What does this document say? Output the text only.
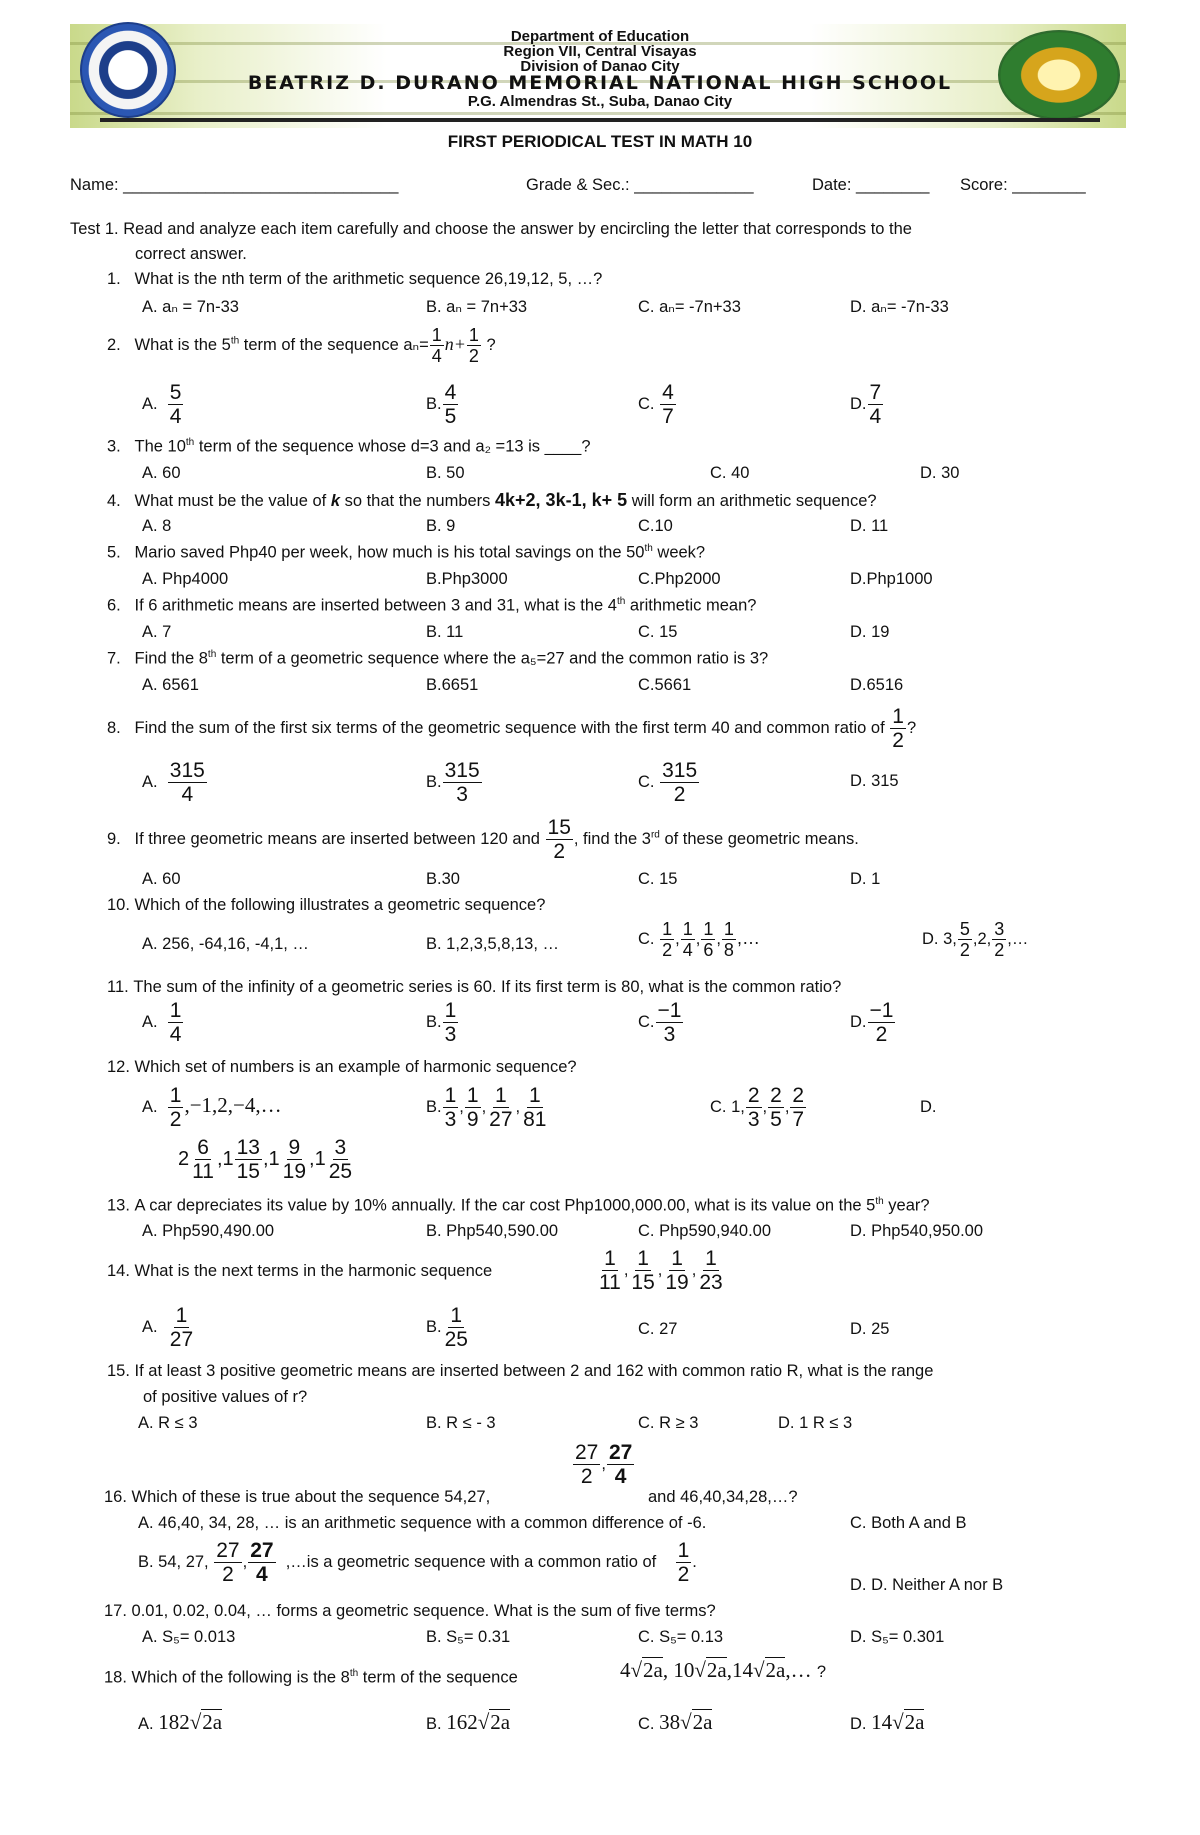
Department of Education
Region VII, Central Visayas
Division of Danao City
BEATRIZ D. DURANO MEMORIAL NATIONAL HIGH SCHOOL
P.G. Almendras St., Suba, Danao City
FIRST PERIODICAL TEST IN MATH 10
Name: ______________________________	Grade & Sec.: _____________	Date: ________ Score: ________
Test 1. Read and analyze each item carefully and choose the answer by encircling the letter that corresponds to the
correct answer.
1. What is the nth term of the arithmetic sequence 26,19,12, 5, …?
A. aₙ = 7n-33	B. aₙ = 7n+33	C. aₙ= -7n+33	D. aₙ= -7n-33
2. What is the 5th term of the sequence $a_n= \frac{1}{4} n+ \frac{1}{2}$ ?
A. $\frac{5}{4}$	B. $\frac{4}{5}$	C. $\frac{4}{7}$	D. $\frac{7}{4}$
3. The 10th term of the sequence whose d=3 and a₂ =13 is ____?
A. 60	B. 50	C. 40	D. 30
4. What must be the value of k so that the numbers 4k+2, 3k-1, k+ 5 will form an arithmetic sequence?
A. 8	B. 9	C.10	D. 11
5. Mario saved Php40 per week, how much is his total savings on the 50th week?
A. Php4000	B.Php3000	C.Php2000	D.Php1000
6. If 6 arithmetic means are inserted between 3 and 31, what is the 4th arithmetic mean?
A. 7	B. 11	C. 15	D. 19
7. Find the 8th term of a geometric sequence where the a₅=27 and the common ratio is 3?
A. 6561	B.6651	C.5661	D.6516
8. Find the sum of the first six terms of the geometric sequence with the first term 40 and common ratio of $\frac{1}{2}$ ?
A. $\frac{315}{4}$	B. $\frac{315}{3}$	C. $\frac{315}{2}$	D. 315
9. If three geometric means are inserted between 120 and $\frac{15}{2}$ , find the 3rd of these geometric means.
A. 60	B.30	C. 15	D. 1
10. Which of the following illustrates a geometric sequence?
A. 256, -64,16, -4,1, …	B. 1,2,3,5,8,13, …	C. $\frac{1}{2}$ , $\frac{1}{4}$ , $\frac{1}{6}$ , $\frac{1}{8}$ ,…	D. 3, $\frac{5}{2} ,2$, $\frac{3}{2}$ ,…
11. The sum of the infinity of a geometric series is 60. If its first term is 80, what is the common ratio?
A. $\frac{1}{4}$	B. $\frac{1}{3}$	C. $\frac{-1}{3}$	D. $\frac{-1}{2}$
12. Which set of numbers is an example of harmonic sequence?
A. $\frac{1}{2}$ ,−1,2,−4,…	B. $\frac{1}{3}$ , $\frac{1}{9}$ , $\frac{1}{27}$ , $\frac{1}{81}$	C. 1, $\frac{2}{3}$ , $\frac{2}{5}$ , $\frac{2}{7}$	D.
$2 \frac{6}{11} ,1 \frac{13}{15} ,1 \frac{9}{19} ,1 \frac{3}{25}$
13. A car depreciates its value by 10% annually. If the car cost Php1000,000.00, what is its value on the 5th year?
A. Php590,490.00	B. Php540,590.00	C. Php590,940.00	D. Php540,950.00
14. What is the next terms in the harmonic sequence	$\frac{1}{11}$ , $\frac{1}{15}$ , $\frac{1}{19}$ , $\frac{1}{23}$
A. $\frac{1}{27}$	B. $\frac{1}{25}$	C. 27	D. 25
15. If at least 3 positive geometric means are inserted between 2 and 162 with common ratio R, what is the range
of positive values of r?
A. R ≤ 3	B. R ≤ - 3	C. R ≥ 3	D. 1 R ≤ 3
$\frac{27}{2}$ , $\frac{27}{4}$
16. Which of these is true about the sequence 54,27,	and 46,40,34,28,…?
A. 46,40, 34, 28, … is an arithmetic sequence with a common difference of -6.	C. Both A and B
B. 54, 27, $\frac{27}{2}$ , $\frac{27}{4}$ ,…is a geometric sequence with a common ratio of $\frac{1}{2}$ .
D. D. Neither A nor B
17. 0.01, 0.02, 0.04, … forms a geometric sequence. What is the sum of five terms?
A. S₅= 0.013	B. S₅= 0.31	C. S₅= 0.13	D. S₅= 0.301
18. Which of the following is the 8th term of the sequence	4√2a, 10√2a,14√2a,… ?
A. 182√2a	B. 162√2a	C. 38√2a	D. 14√2a
